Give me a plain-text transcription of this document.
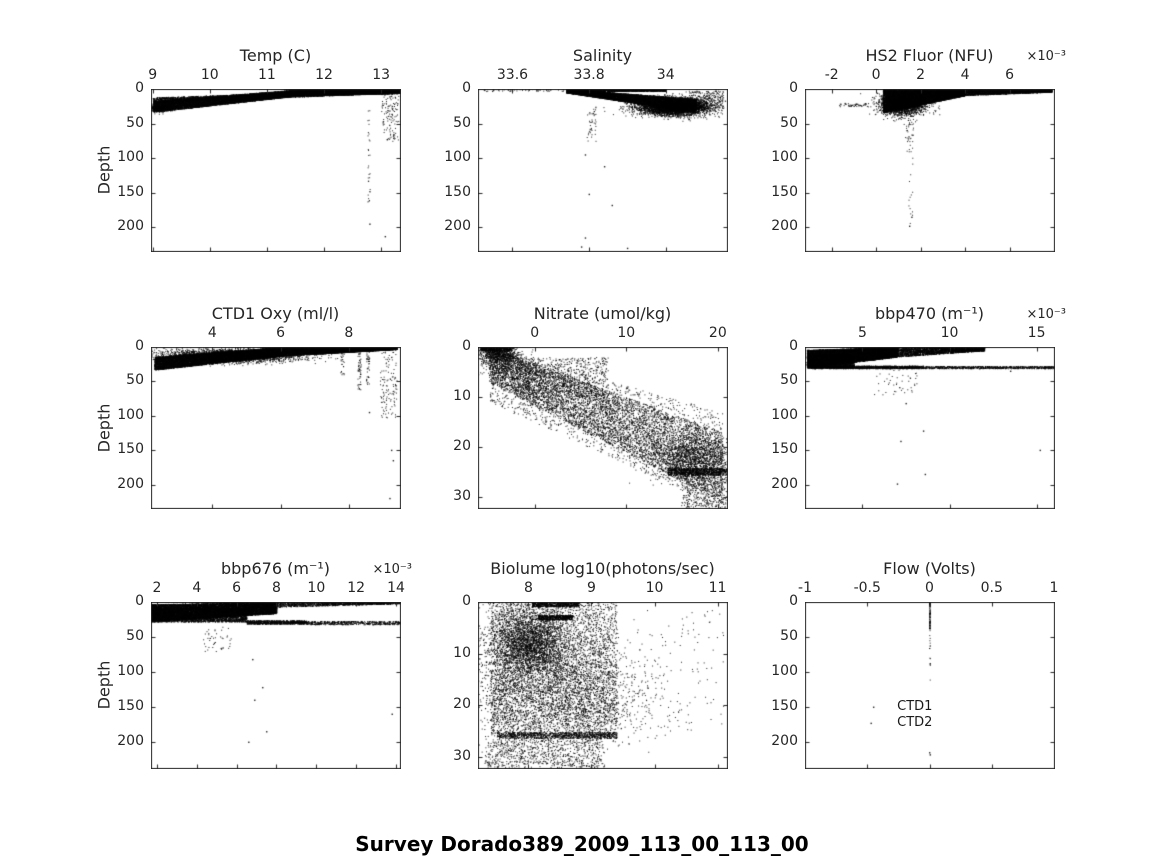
Temp (C)
9	10	11	12	13
0
50
100
150
200
Depth
Salinity
33.6	33.8	34
0
50
100
150
200
HS2 Fluor (NFU)	×10⁻³
-2	0	2	4	6
0
50
100
150
200
CTD1 Oxy (ml/l)
4	6	8
0
50
100
150
200
Depth
Nitrate (umol/kg)
0	10	20
0
10
20
30
bbp470 (m⁻¹)	×10⁻³
5	10	15
0
50
100
150
200
bbp676 (m⁻¹)	×10⁻³
2	4	6	8	10	12	14
0
50
100
150
200
Depth
Biolume log10(photons/sec)
8	9	10	11
0
10
20
30
Flow (Volts)
-1	-0.5	0	0.5	1
0
50
100
150
200
CTD1
CTD2
Survey Dorado389_2009_113_00_113_00
